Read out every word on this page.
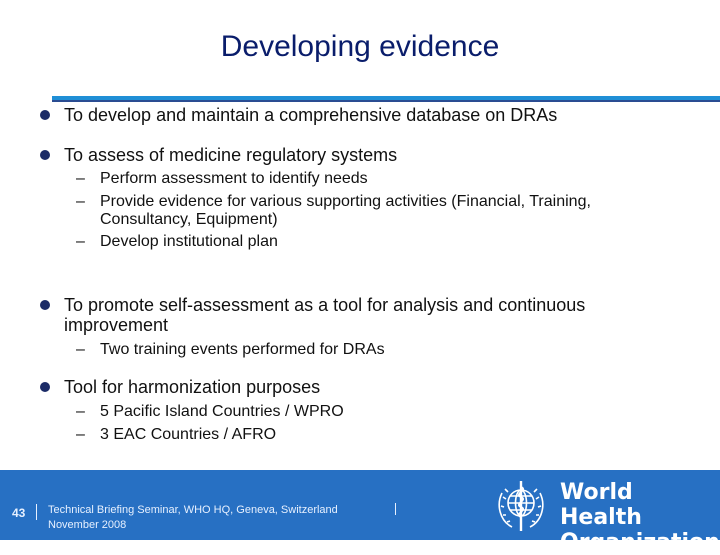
Developing evidence
To develop and maintain a comprehensive database on DRAs
To assess of medicine regulatory systems
– Perform assessment to identify needs
– Provide evidence for various supporting activities (Financial, Training, Consultancy, Equipment)
– Develop institutional plan
To promote self-assessment as a tool for analysis and continuous improvement
– Two training events performed for DRAs
Tool for harmonization purposes
– 5 Pacific Island Countries / WPRO
– 3 EAC Countries / AFRO
43 Technical Briefing Seminar, WHO HQ, Geneva, Switzerland
November 2008
World Health
Organization
